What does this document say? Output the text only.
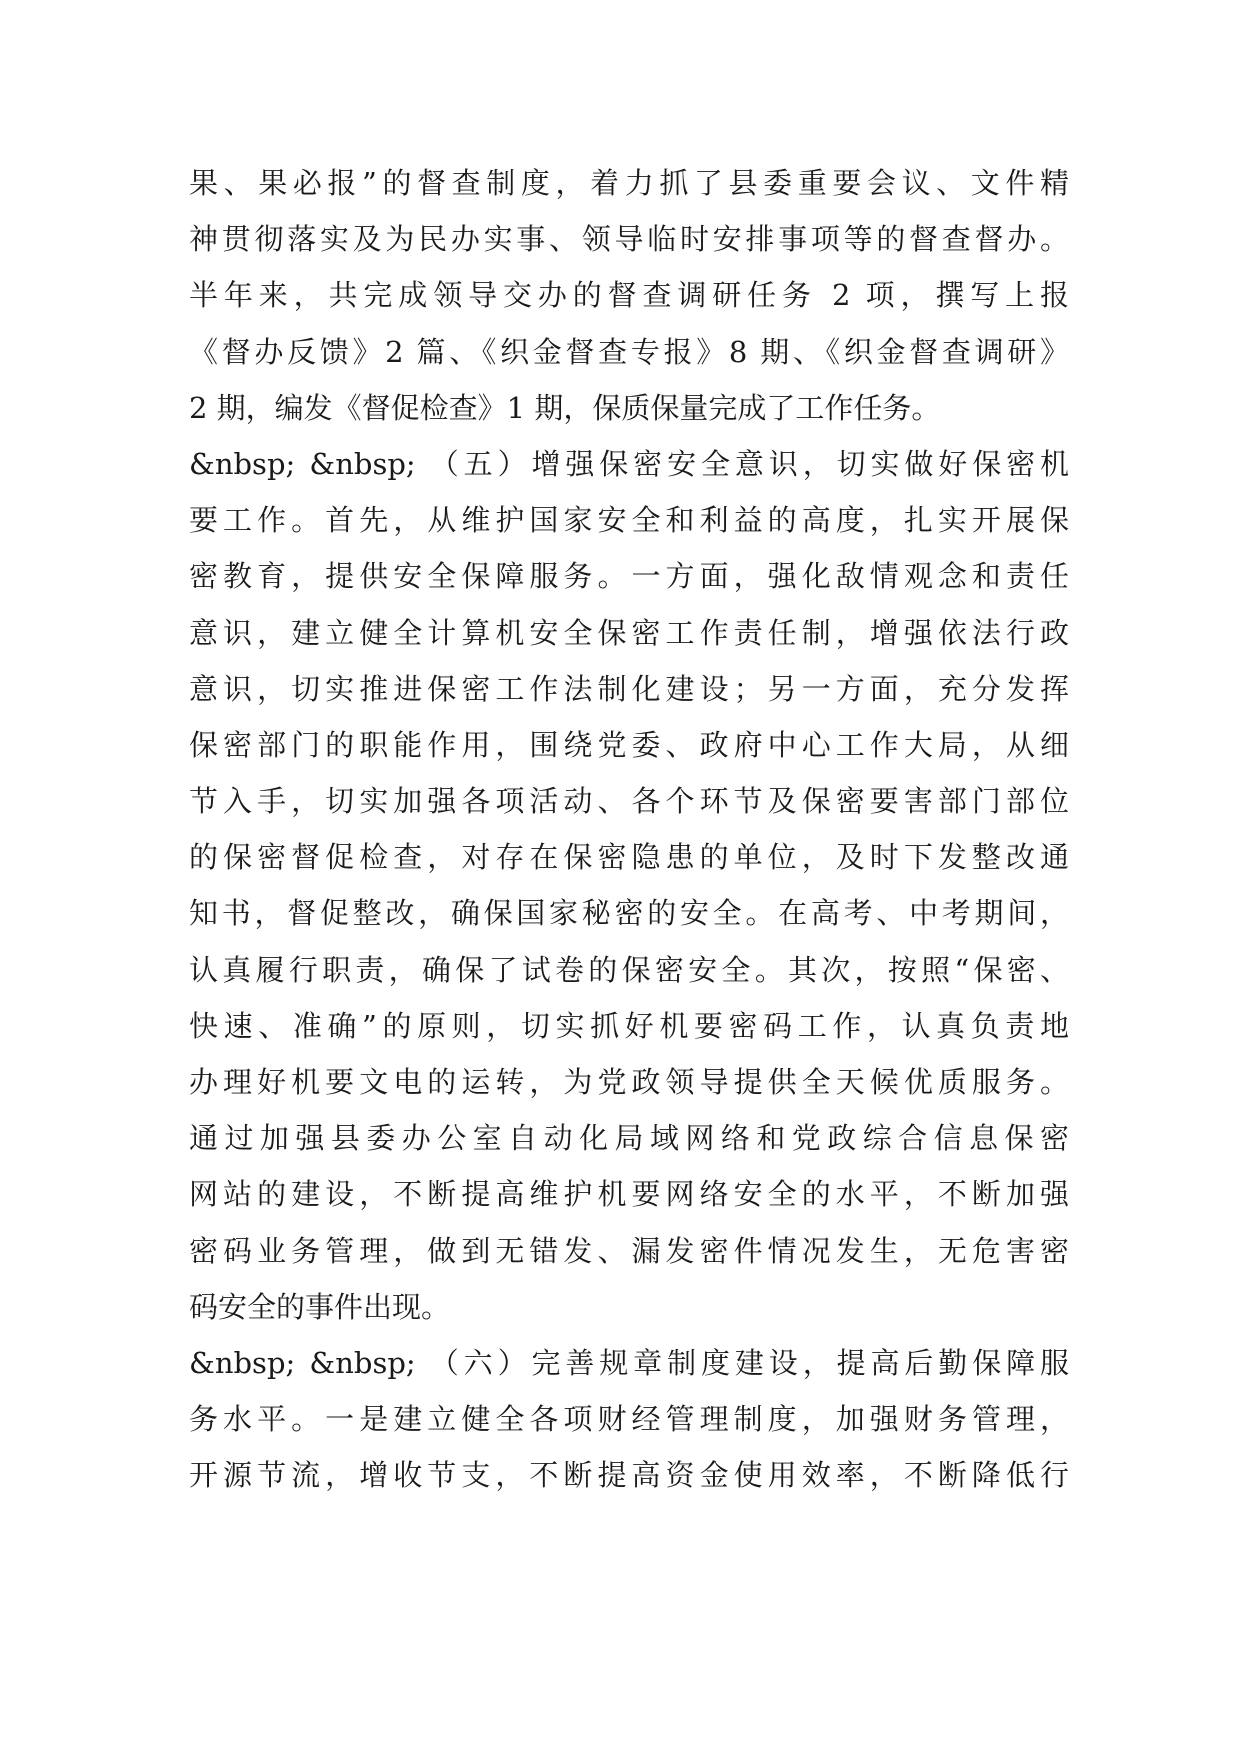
果、果必报”的督查制度，着力抓了县委重要会议、文件精
神贯彻落实及为民办实事、领导临时安排事项等的督查督办。
半年来，共完成领导交办的督查调研任务 2 项，撰写上报
《督办反馈》2 篇、《织金督查专报》8 期、《织金督查调研》
2 期，编发《督促检查》1 期，保质保量完成了工作任务。
&nbsp; &nbsp; （五）增强保密安全意识，切实做好保密机
要工作。首先，从维护国家安全和利益的高度，扎实开展保
密教育，提供安全保障服务。一方面，强化敌情观念和责任
意识，建立健全计算机安全保密工作责任制，增强依法行政
意识，切实推进保密工作法制化建设；另一方面，充分发挥
保密部门的职能作用，围绕党委、政府中心工作大局，从细
节入手，切实加强各项活动、各个环节及保密要害部门部位
的保密督促检查，对存在保密隐患的单位，及时下发整改通
知书，督促整改，确保国家秘密的安全。在高考、中考期间，
认真履行职责，确保了试卷的保密安全。其次，按照“保密、
快速、准确”的原则，切实抓好机要密码工作，认真负责地
办理好机要文电的运转，为党政领导提供全天候优质服务。
通过加强县委办公室自动化局域网络和党政综合信息保密
网站的建设，不断提高维护机要网络安全的水平，不断加强
密码业务管理，做到无错发、漏发密件情况发生，无危害密
码安全的事件出现。
&nbsp; &nbsp; （六）完善规章制度建设，提高后勤保障服
务水平。一是建立健全各项财经管理制度，加强财务管理，
开源节流，增收节支，不断提高资金使用效率，不断降低行
